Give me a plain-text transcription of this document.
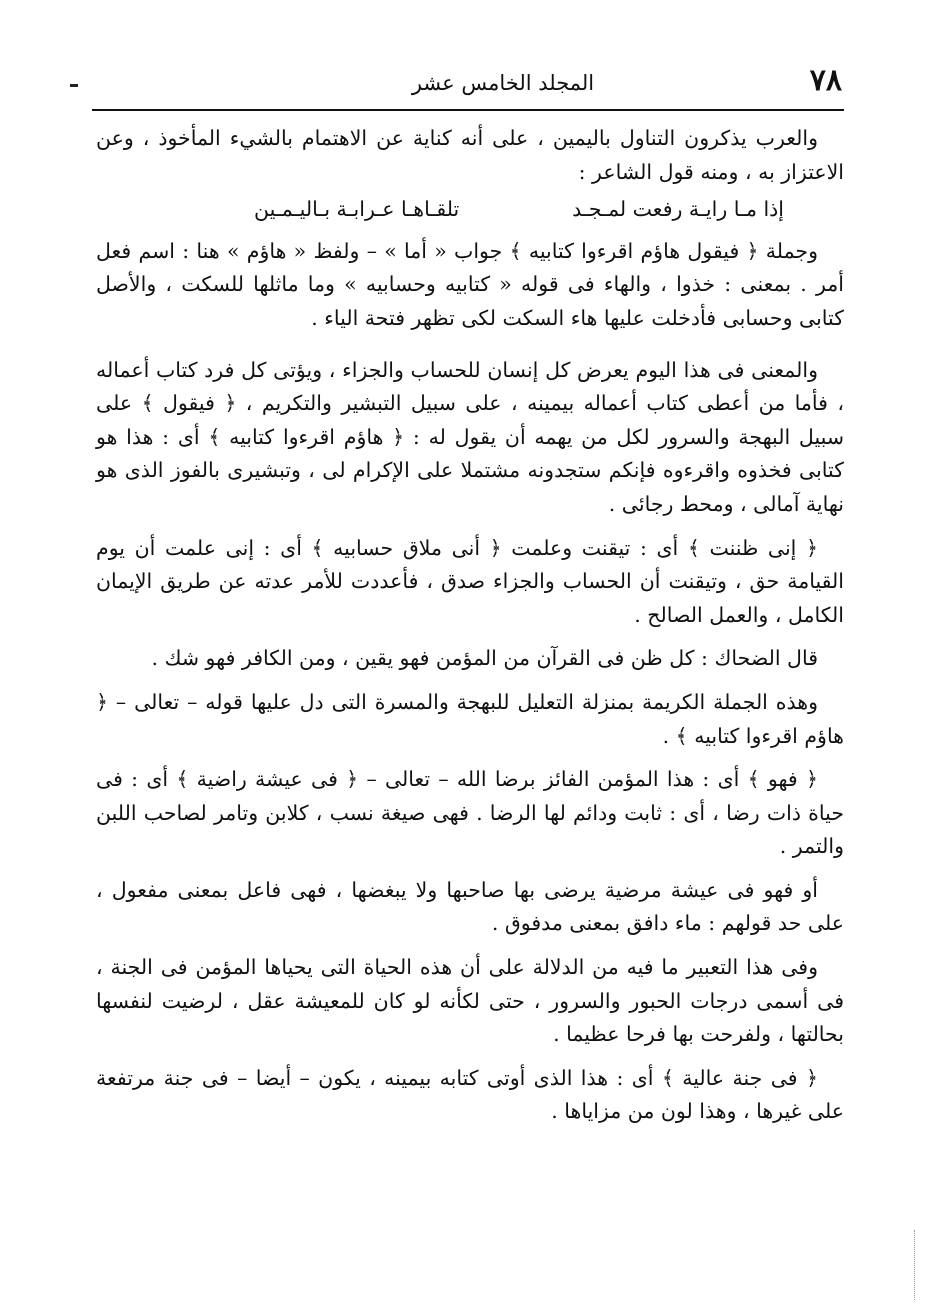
٧٨
المجلد الخامس عشر

والعرب يذكرون التناول باليمين ، على أنه كناية عن الاهتمام بالشيء المأخوذ ، وعن الاعتزاز به ، ومنه قول الشاعر :

إذا مـا رايـة رفعت لمـجـد
تلقـاهـا عـرابـة بـاليـمـين

وجملة ﴿ فيقول هاؤم اقرءوا كتابيه ﴾ جواب « أما » – ولفظ « هاؤم » هنا : اسم فعل أمر . بمعنى : خذوا ، والهاء فى قوله « كتابيه وحسابيه » وما ماثلها للسكت ، والأصل كتابى وحسابى فأدخلت عليها هاء السكت لكى تظهر فتحة الياء .

والمعنى فى هذا اليوم يعرض كل إنسان للحساب والجزاء ، ويؤتى كل فرد كتاب أعماله ، فأما من أعطى كتاب أعماله بيمينه ، على سبيل التبشير والتكريم ، ﴿ فيقول ﴾ على سبيل البهجة والسرور لكل من يهمه أن يقول له : ﴿ هاؤم اقرءوا كتابيه ﴾ أى : هذا هو كتابى فخذوه واقرءوه فإنكم ستجدونه مشتملا على الإكرام لى ، وتبشيرى بالفوز الذى هو نهاية آمالى ، ومحط رجائى .

﴿ إنى ظننت ﴾ أى : تيقنت وعلمت ﴿ أنى ملاق حسابيه ﴾ أى : إنى علمت أن يوم القيامة حق ، وتيقنت أن الحساب والجزاء صدق ، فأعددت للأمر عدته عن طريق الإيمان الكامل ، والعمل الصالح .

قال الضحاك : كل ظن فى القرآن من المؤمن فهو يقين ، ومن الكافر فهو شك .

وهذه الجملة الكريمة بمنزلة التعليل للبهجة والمسرة التى دل عليها قوله – تعالى – ﴿ هاؤم اقرءوا كتابيه ﴾ .

﴿ فهو ﴾ أى : هذا المؤمن الفائز برضا الله – تعالى – ﴿ فى عيشة راضية ﴾ أى : فى حياة ذات رضا ، أى : ثابت ودائم لها الرضا . فهى صيغة نسب ، كلابن وتامر لصاحب اللبن والتمر .

أو فهو فى عيشة مرضية يرضى بها صاحبها ولا يبغضها ، فهى فاعل بمعنى مفعول ، على حد قولهم : ماء دافق بمعنى مدفوق .

وفى هذا التعبير ما فيه من الدلالة على أن هذه الحياة التى يحياها المؤمن فى الجنة ، فى أسمى درجات الحبور والسرور ، حتى لكأنه لو كان للمعيشة عقل ، لرضيت لنفسها بحالتها ، ولفرحت بها فرحا عظيما .

﴿ فى جنة عالية ﴾ أى : هذا الذى أوتى كتابه بيمينه ، يكون – أيضا – فى جنة مرتفعة على غيرها ، وهذا لون من مزاياها .
